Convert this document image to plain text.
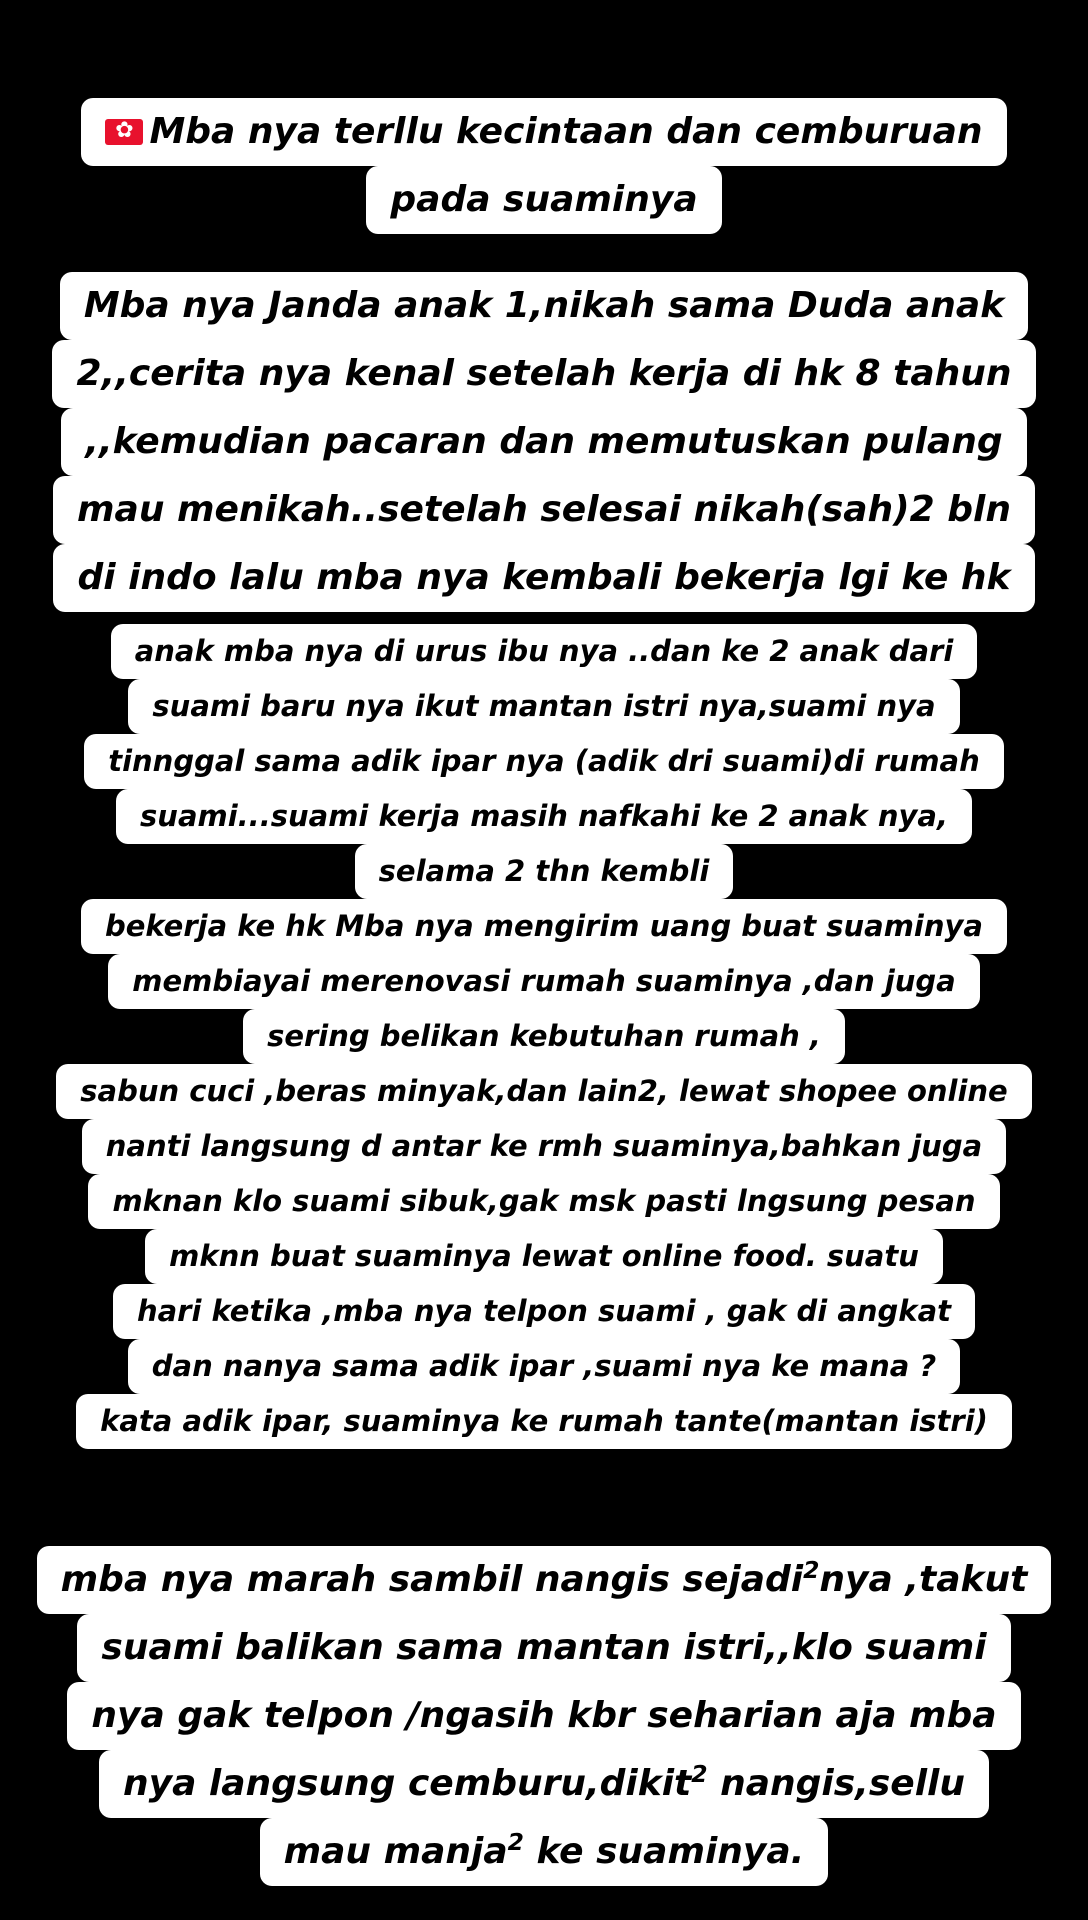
✿Mba nya terllu kecintaan dan cemburuan
pada suaminya
Mba nya Janda anak 1,nikah sama Duda anak
2,,cerita nya kenal setelah kerja di hk 8 tahun
,,kemudian pacaran dan memutuskan pulang
mau menikah..setelah selesai nikah(sah)2 bln
di indo lalu mba nya kembali bekerja lgi ke hk
anak mba nya di urus ibu nya ..dan ke 2 anak dari
suami baru nya ikut mantan istri nya,suami nya
tinnggal sama adik ipar nya (adik dri suami)di rumah
suami...suami kerja masih nafkahi ke 2 anak nya,
selama 2 thn kembli
bekerja ke hk Mba nya mengirim uang buat suaminya
membiayai merenovasi rumah suaminya ,dan juga
sering belikan kebutuhan rumah ,
sabun cuci ,beras minyak,dan lain2, lewat shopee online
nanti langsung d antar ke rmh suaminya,bahkan juga
mknan klo suami sibuk,gak msk pasti lngsung pesan
mknn buat suaminya lewat online food. suatu
hari ketika ,mba nya telpon suami , gak di angkat
dan nanya sama adik ipar ,suami nya ke mana ?
kata adik ipar, suaminya ke rumah tante(mantan istri)
mba nya marah sambil nangis sejadi$^2$nya ,takut
suami balikan sama mantan istri,,klo suami
nya gak telpon /ngasih kbr seharian aja mba
nya langsung cemburu,dikit$^2$ nangis,sellu
mau manja$^2$ ke suaminya.
